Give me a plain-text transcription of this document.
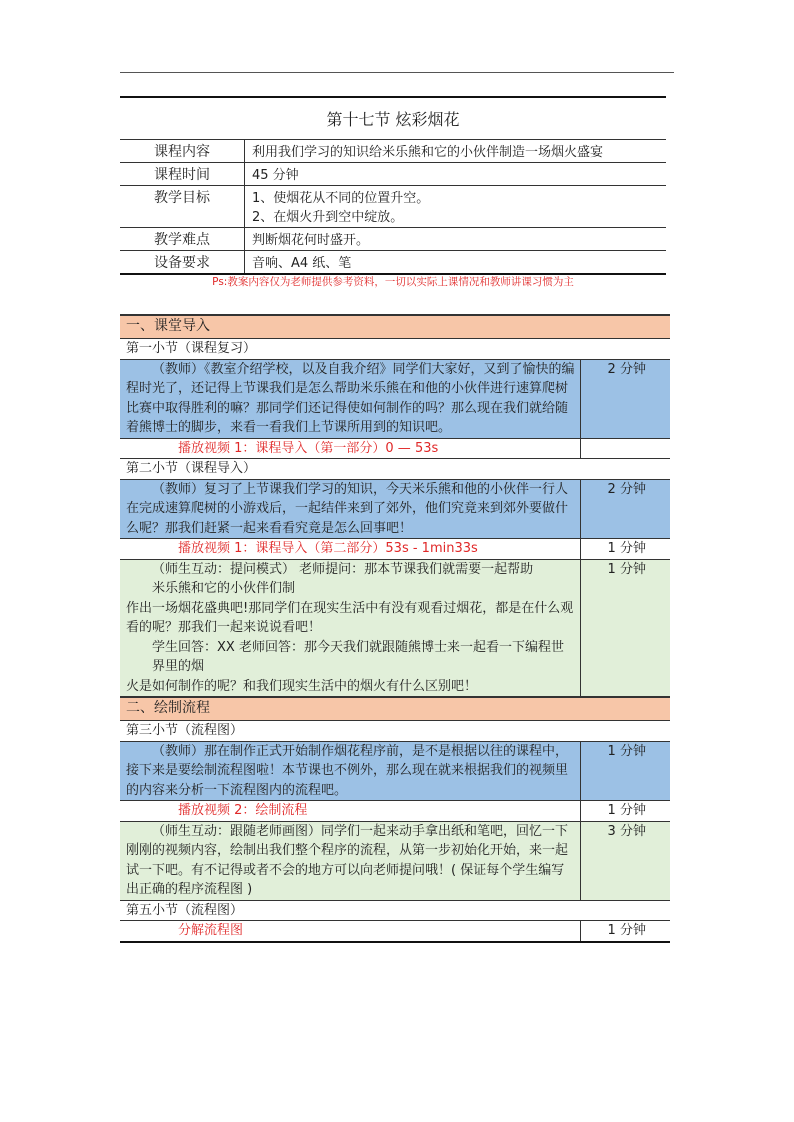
第十七节 炫彩烟花	
课程内容	利用我们学习的知识给米乐熊和它的小伙伴制造一场烟火盛宴
课程时间	45 分钟
教学目标	1、使烟花从不同的位置升空。
2、在烟火升到空中绽放。

教学难点	判断烟花何时盛开。
设备要求	音响、A4 纸、笔
Ps:教案内容仅为老师提供参考资料，一切以实际上课情况和教师讲课习惯为主
一、课堂导入	
第一小节（课程复习）	
（教师）《教室介绍学校，以及自我介绍》同学们大家好，又到了愉快的编程时光了，还记得上节课我们是怎么帮助米乐熊在和他的小伙伴进行速算爬树比赛中取得胜利的嘛？那同学们还记得使如何制作的吗？那么现在我们就给随着熊博士的脚步，来看一看我们上节课所用到的知识吧。	2 分钟
播放视频 1：课程导入（第一部分）0 — 53s	
第二小节（课程导入）	
（教师）复习了上节课我们学习的知识，今天米乐熊和他的小伙伴一行人在完成速算爬树的小游戏后，一起结伴来到了郊外，他们究竟来到郊外要做什么呢？那我们赶紧一起来看看究竟是怎么回事吧！	2 分钟
播放视频 1：课程导入（第二部分）53s - 1min33s	1 分钟

（师生互动：提问模式） 老师提问：那本节课我们就需要一起帮助
米乐熊和它的小伙伴们制
作出一场烟花盛典吧!那同学们在现实生活中有没有观看过烟花，都是在什么观看的呢？那我们一起来说说看吧！
学生回答：XX 老师回答：那今天我们就跟随熊博士来一起看一下编程世界里的烟
火是如何制作的呢？和我们现实生活中的烟火有什么区别吧！	1 分钟
二、绘制流程	
第三小节（流程图）	
（教师）那在制作正式开始制作烟花程序前，是不是根据以往的课程中，接下来是要绘制流程图啦！本节课也不例外，那么现在就来根据我们的视频里的内容来分析一下流程图内的流程吧。	1 分钟
播放视频 2：绘制流程	1 分钟
（师生互动：跟随老师画图）同学们一起来动手拿出纸和笔吧，回忆一下刚刚的视频内容，绘制出我们整个程序的流程，从第一步初始化开始，来一起试一下吧。有不记得或者不会的地方可以向老师提问哦！( 保证每个学生编写出正确的程序流程图 )	3 分钟
第五小节（流程图）	
分解流程图	1 分钟
